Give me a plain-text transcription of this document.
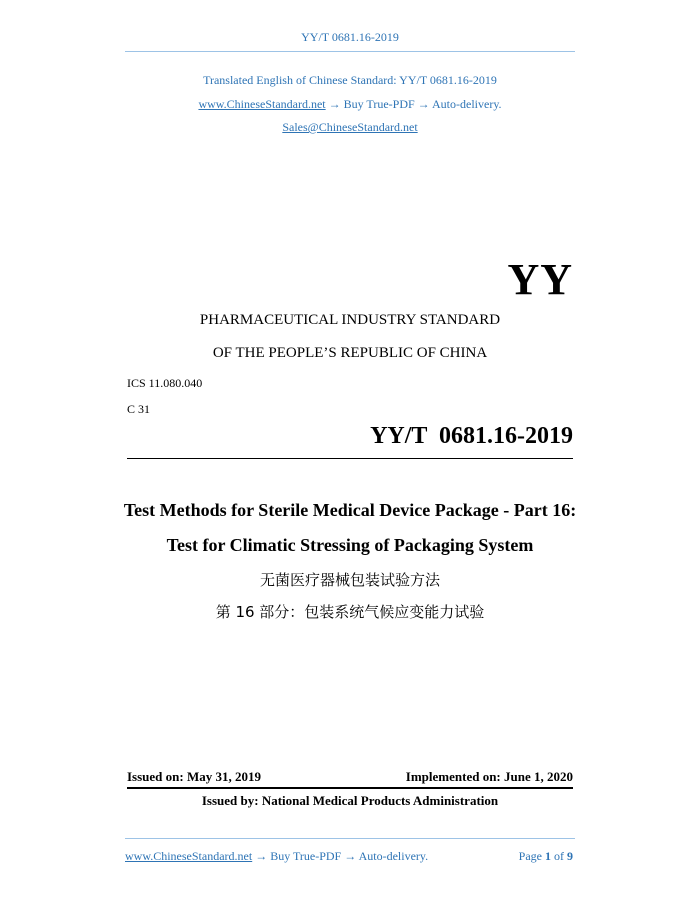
YY/T 0681.16-2019
Translated English of Chinese Standard: YY/T 0681.16-2019
www.ChineseStandard.net → Buy True-PDF → Auto-delivery.
Sales@ChineseStandard.net
YY
PHARMACEUTICAL INDUSTRY STANDARD
OF THE PEOPLE’S REPUBLIC OF CHINA
ICS 11.080.040
C 31
YY/T  0681.16-2019
Test Methods for Sterile Medical Device Package - Part 16:
Test for Climatic Stressing of Packaging System
无菌医疗器械包装试验方法
第 16 部分：包装系统气候应变能力试验
Issued on: May 31, 2019	Implemented on: June 1, 2020
Issued by: National Medical Products Administration
www.ChineseStandard.net → Buy True-PDF → Auto-delivery.	Page 1 of 9
